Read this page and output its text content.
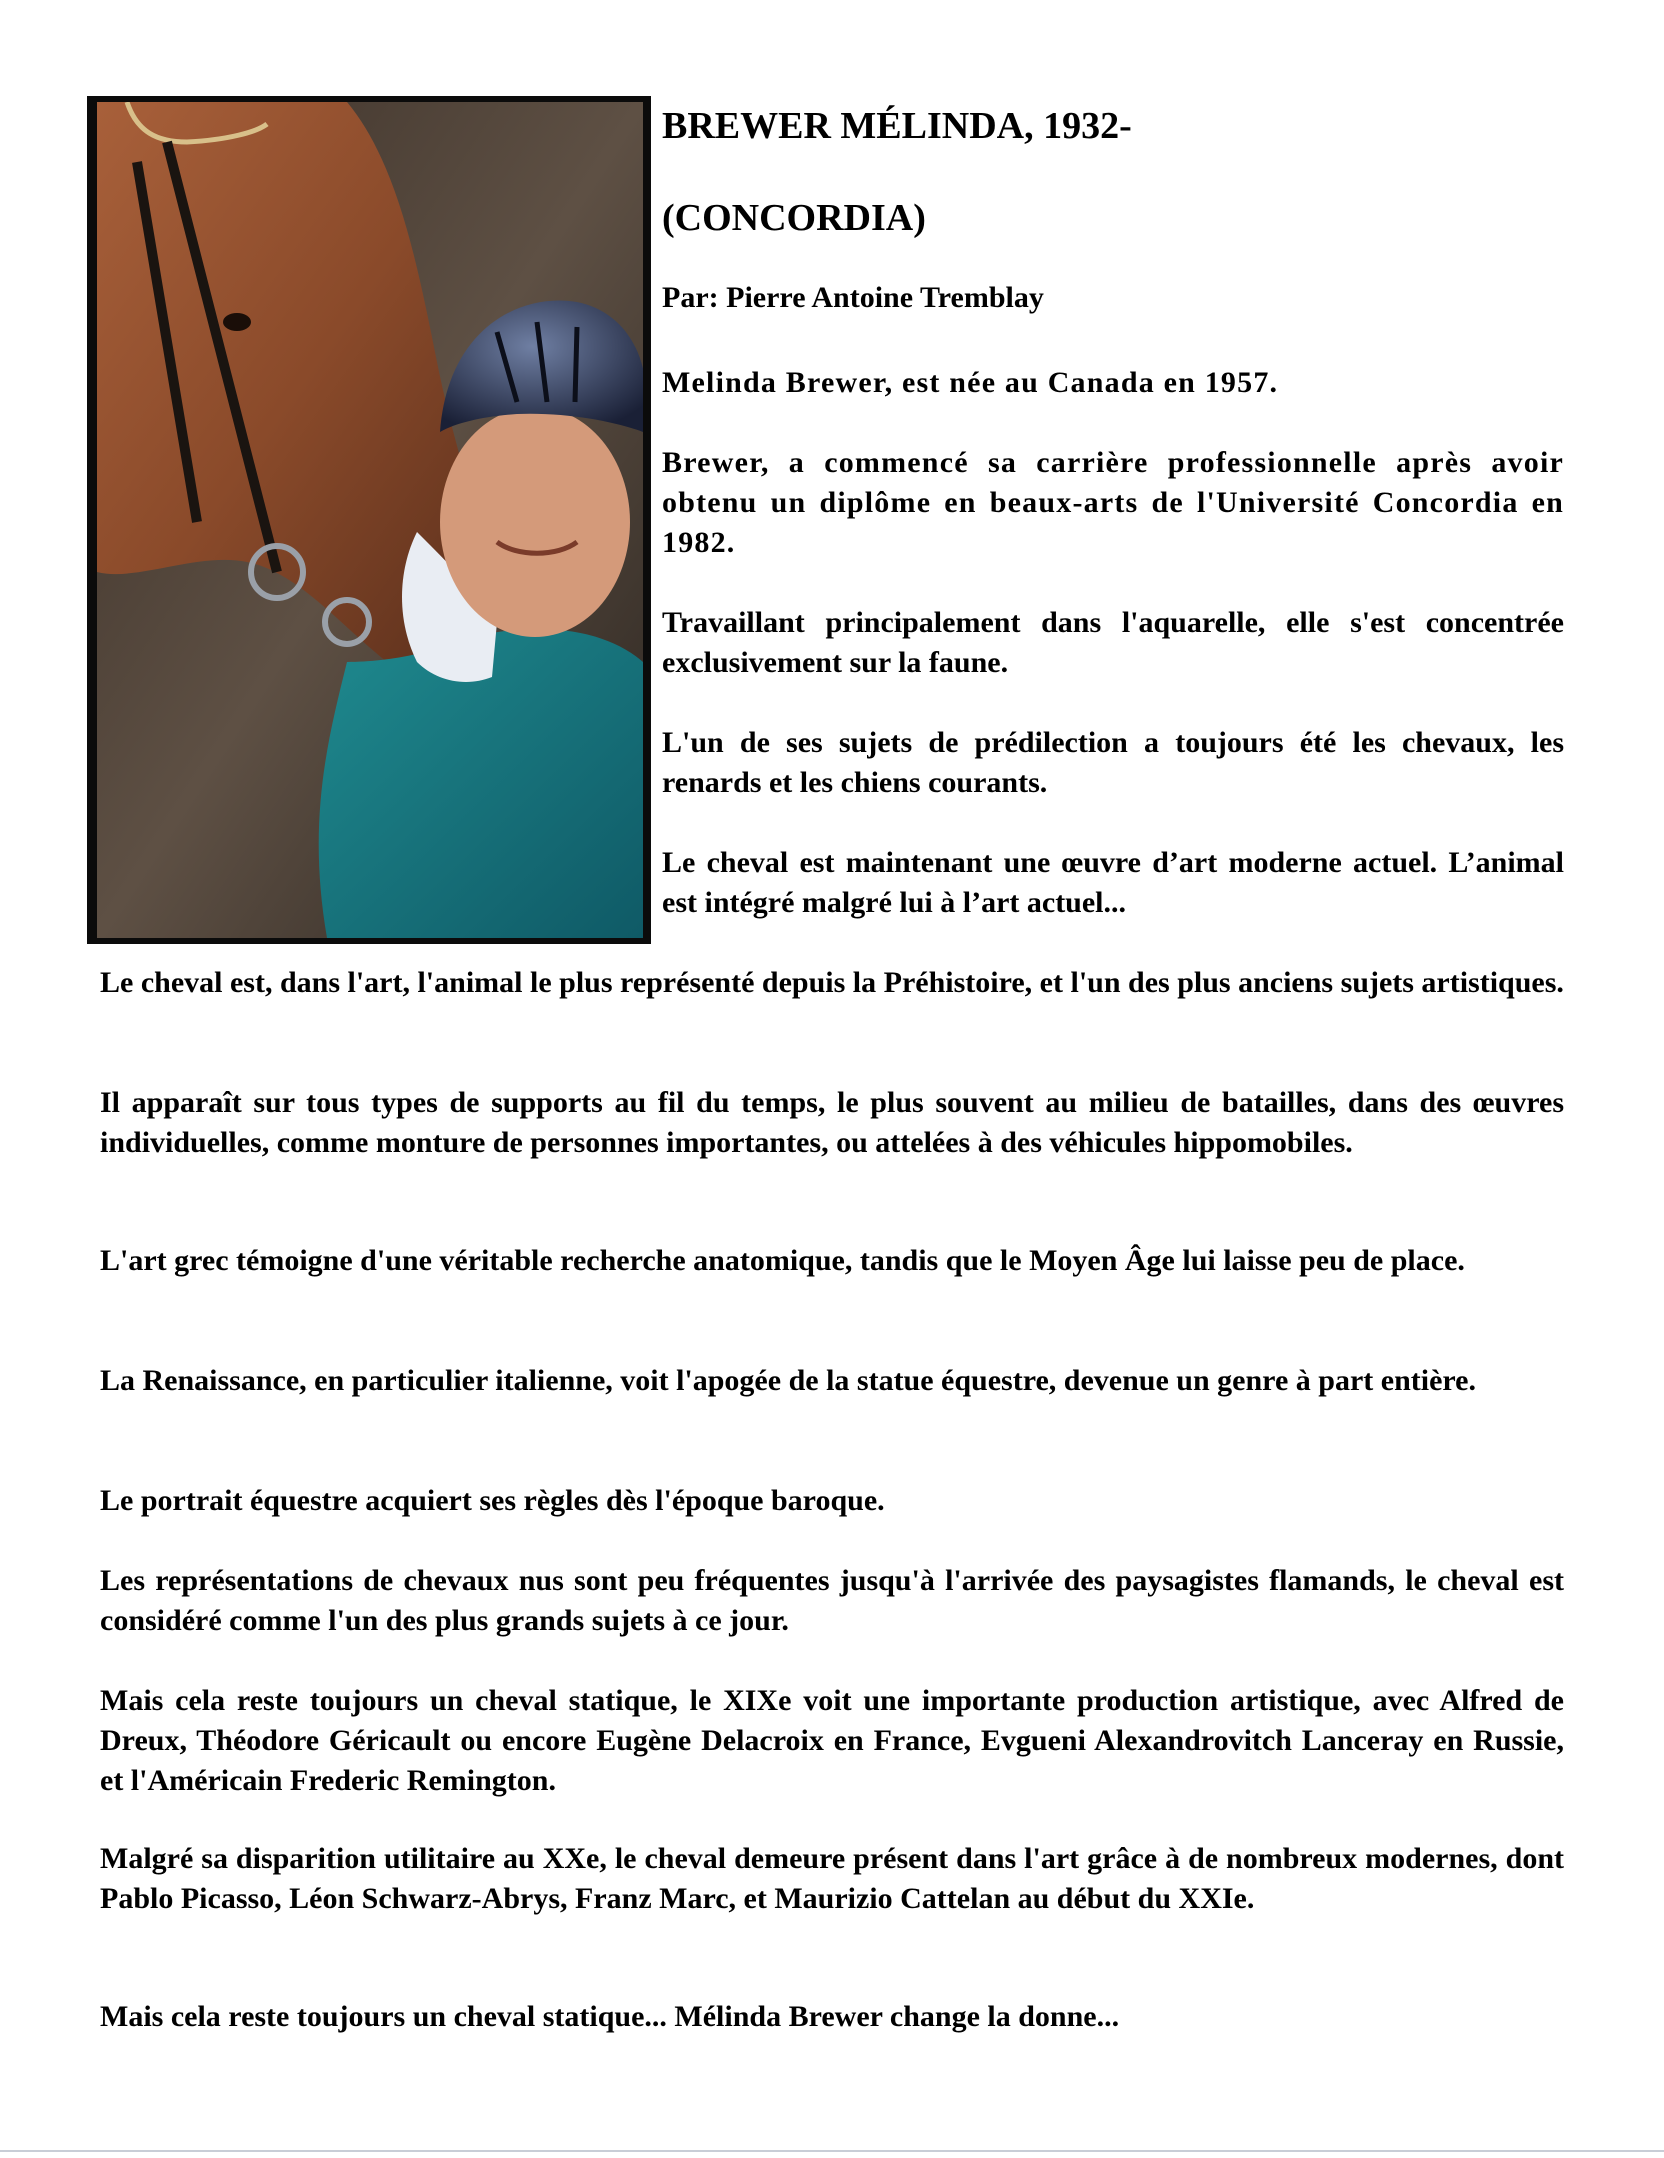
BREWER MÉLINDA, 1932-
(CONCORDIA)
Par: Pierre Antoine Tremblay

Melinda Brewer, est née au Canada en 1957.

Brewer, a commencé sa carrière professionnelle après avoir obtenu un diplôme en beaux-arts de l'Université Concordia en 1982.

Travaillant principalement dans l'aquarelle, elle s'est concentrée exclusivement sur la faune.

L'un de ses sujets de prédilection a toujours été les chevaux, les renards et les chiens courants.

Le cheval est maintenant une œuvre d’art moderne actuel. L’animal est intégré malgré lui à l’art actuel...

Le cheval est, dans l'art, l'animal le plus représenté depuis la Préhistoire, et l'un des plus anciens sujets artistiques.

Il apparaît sur tous types de supports au fil du temps, le plus souvent au milieu de batailles, dans des œuvres individuelles, comme monture de personnes importantes, ou attelées à des véhicules hippomobiles.

L'art grec témoigne d'une véritable recherche anatomique, tandis que le Moyen Âge lui laisse peu de place.

La Renaissance, en particulier italienne, voit l'apogée de la statue équestre, devenue un genre à part entière.

Le portrait équestre acquiert ses règles dès l'époque baroque.

Les représentations de chevaux nus sont peu fréquentes jusqu'à l'arrivée des paysagistes flamands, le cheval est considéré comme l'un des plus grands sujets à ce jour.

Mais cela reste toujours un cheval statique, le XIXe voit une importante production artistique, avec Alfred de Dreux, Théodore Géricault ou encore Eugène Delacroix en France, Evgueni Alexandrovitch Lanceray en Russie, et l'Américain Frederic Remington.

Malgré sa disparition utilitaire au XXe, le cheval demeure présent dans l'art grâce à de nombreux modernes, dont Pablo Picasso, Léon Schwarz-Abrys, Franz Marc, et Maurizio Cattelan au début du XXIe.

Mais cela reste toujours un cheval statique... Mélinda Brewer change la donne...
